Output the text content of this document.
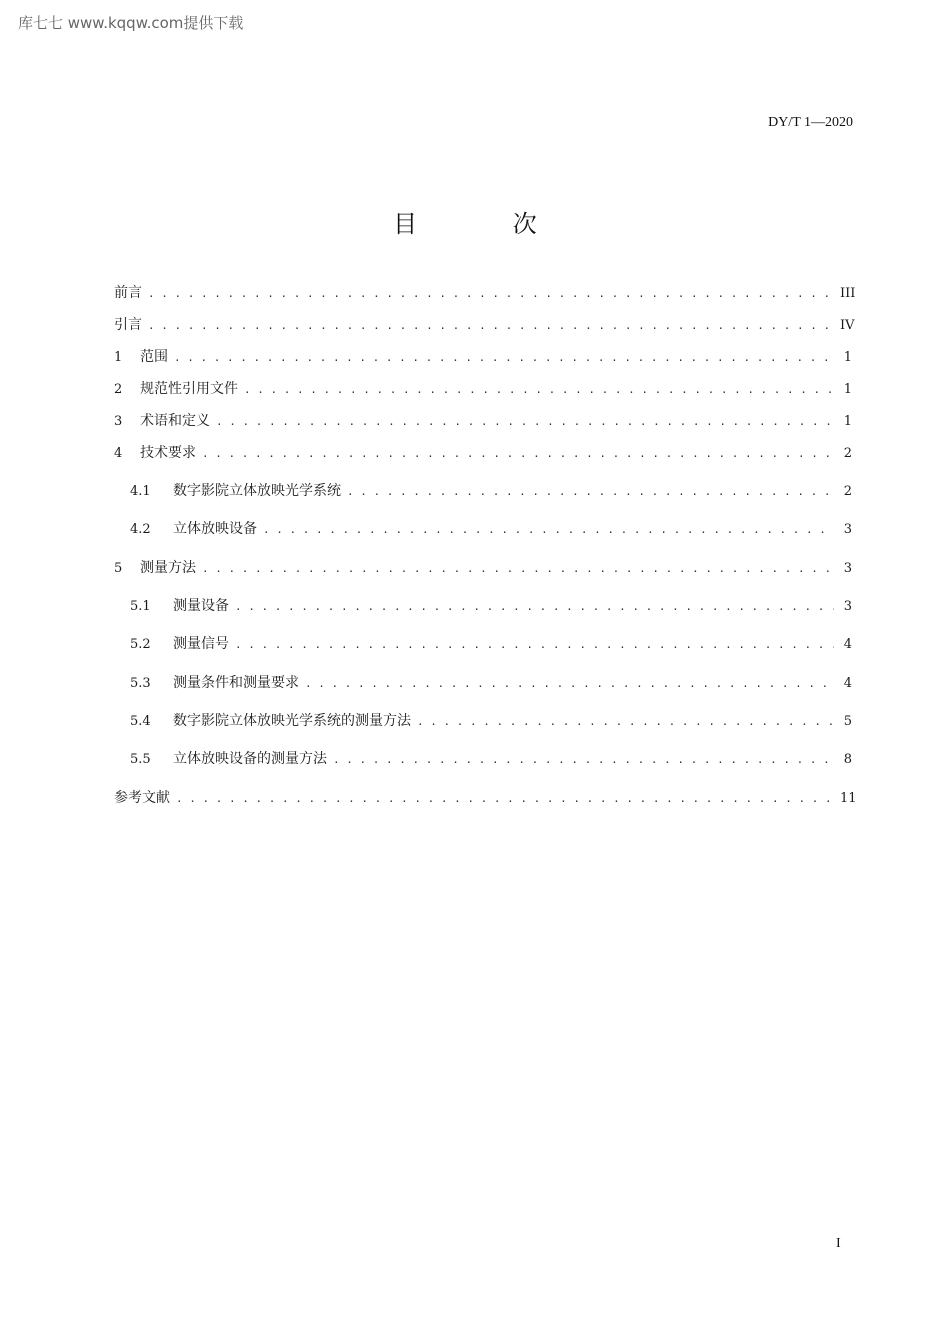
库七七 www.kqqw.com提供下载
DY/T 1—2020
目 次
前言 . . .	III
引言 . . .	IV
1	范围 . . .	1
2	规范性引用文件 . . .	1
3	术语和定义 . . .	1
4	技术要求 . . .	2
4.1	数字影院立体放映光学系统 . . .	2
4.2	立体放映设备 . . .	3
5	测量方法 . . .	3
5.1	测量设备 . . .	3
5.2	测量信号 . . .	4
5.3	测量条件和测量要求 . . .	4
5.4	数字影院立体放映光学系统的测量方法 . . .	5
5.5	立体放映设备的测量方法 . . .	8
参考文献 . . .	11
I
